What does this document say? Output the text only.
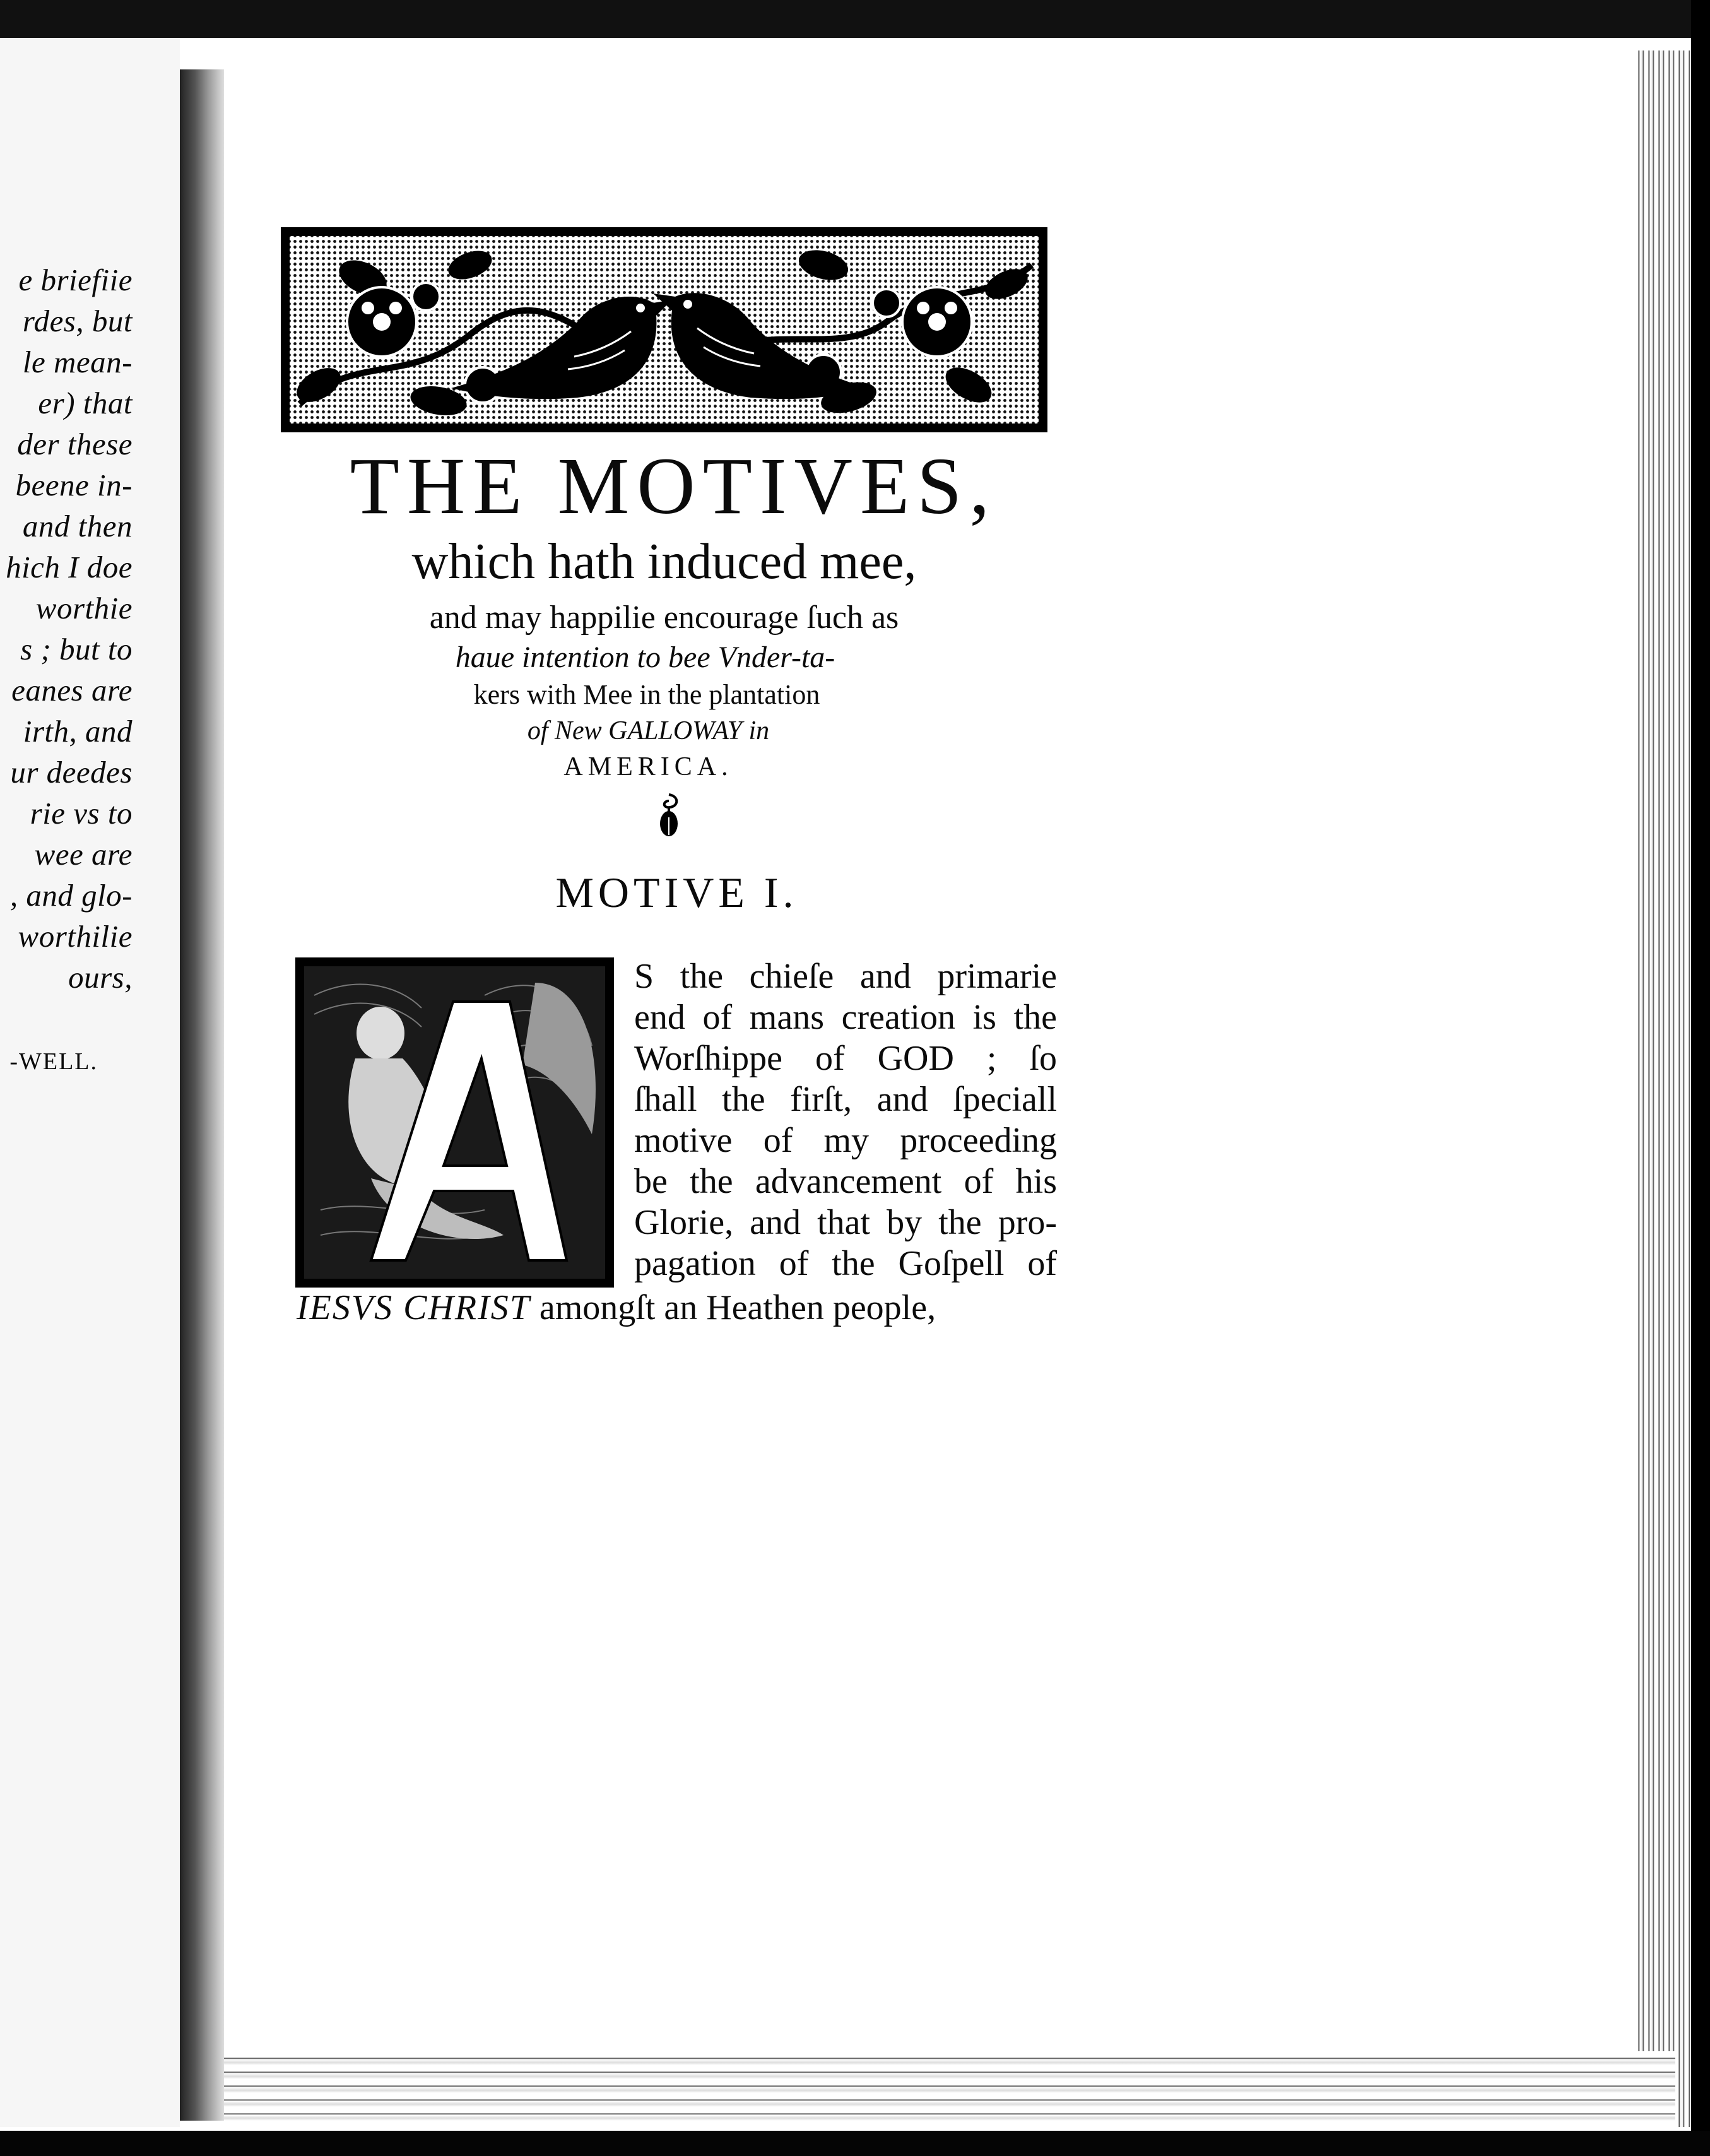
e briefiie
rdes, but
le mean-
er) that
der these
beene in-
and then
hich I doe
worthie
s ; but to
eanes are
irth, and
ur deedes
rie vs to
wee are
, and glo-
worthilie
ours,
-WELL.
THE MOTIVES,
which hath induced mee,
and may happilie encourage ſuch as
haue intention to bee Vnder-ta-
kers with Mee in the plantation
of New GALLOWAY in
AMERICA.
MOTIVE I.
S the chieſe and primarie
end of mans creation is the
Worſhippe of GOD ; ſo
ſhall the firſt, and ſpeciall
motive of my proceeding
be the advancement of his
Glorie, and that by the pro-
pagation of the Goſpell of
IESVS CHRIST amongſt an Heathen people,
